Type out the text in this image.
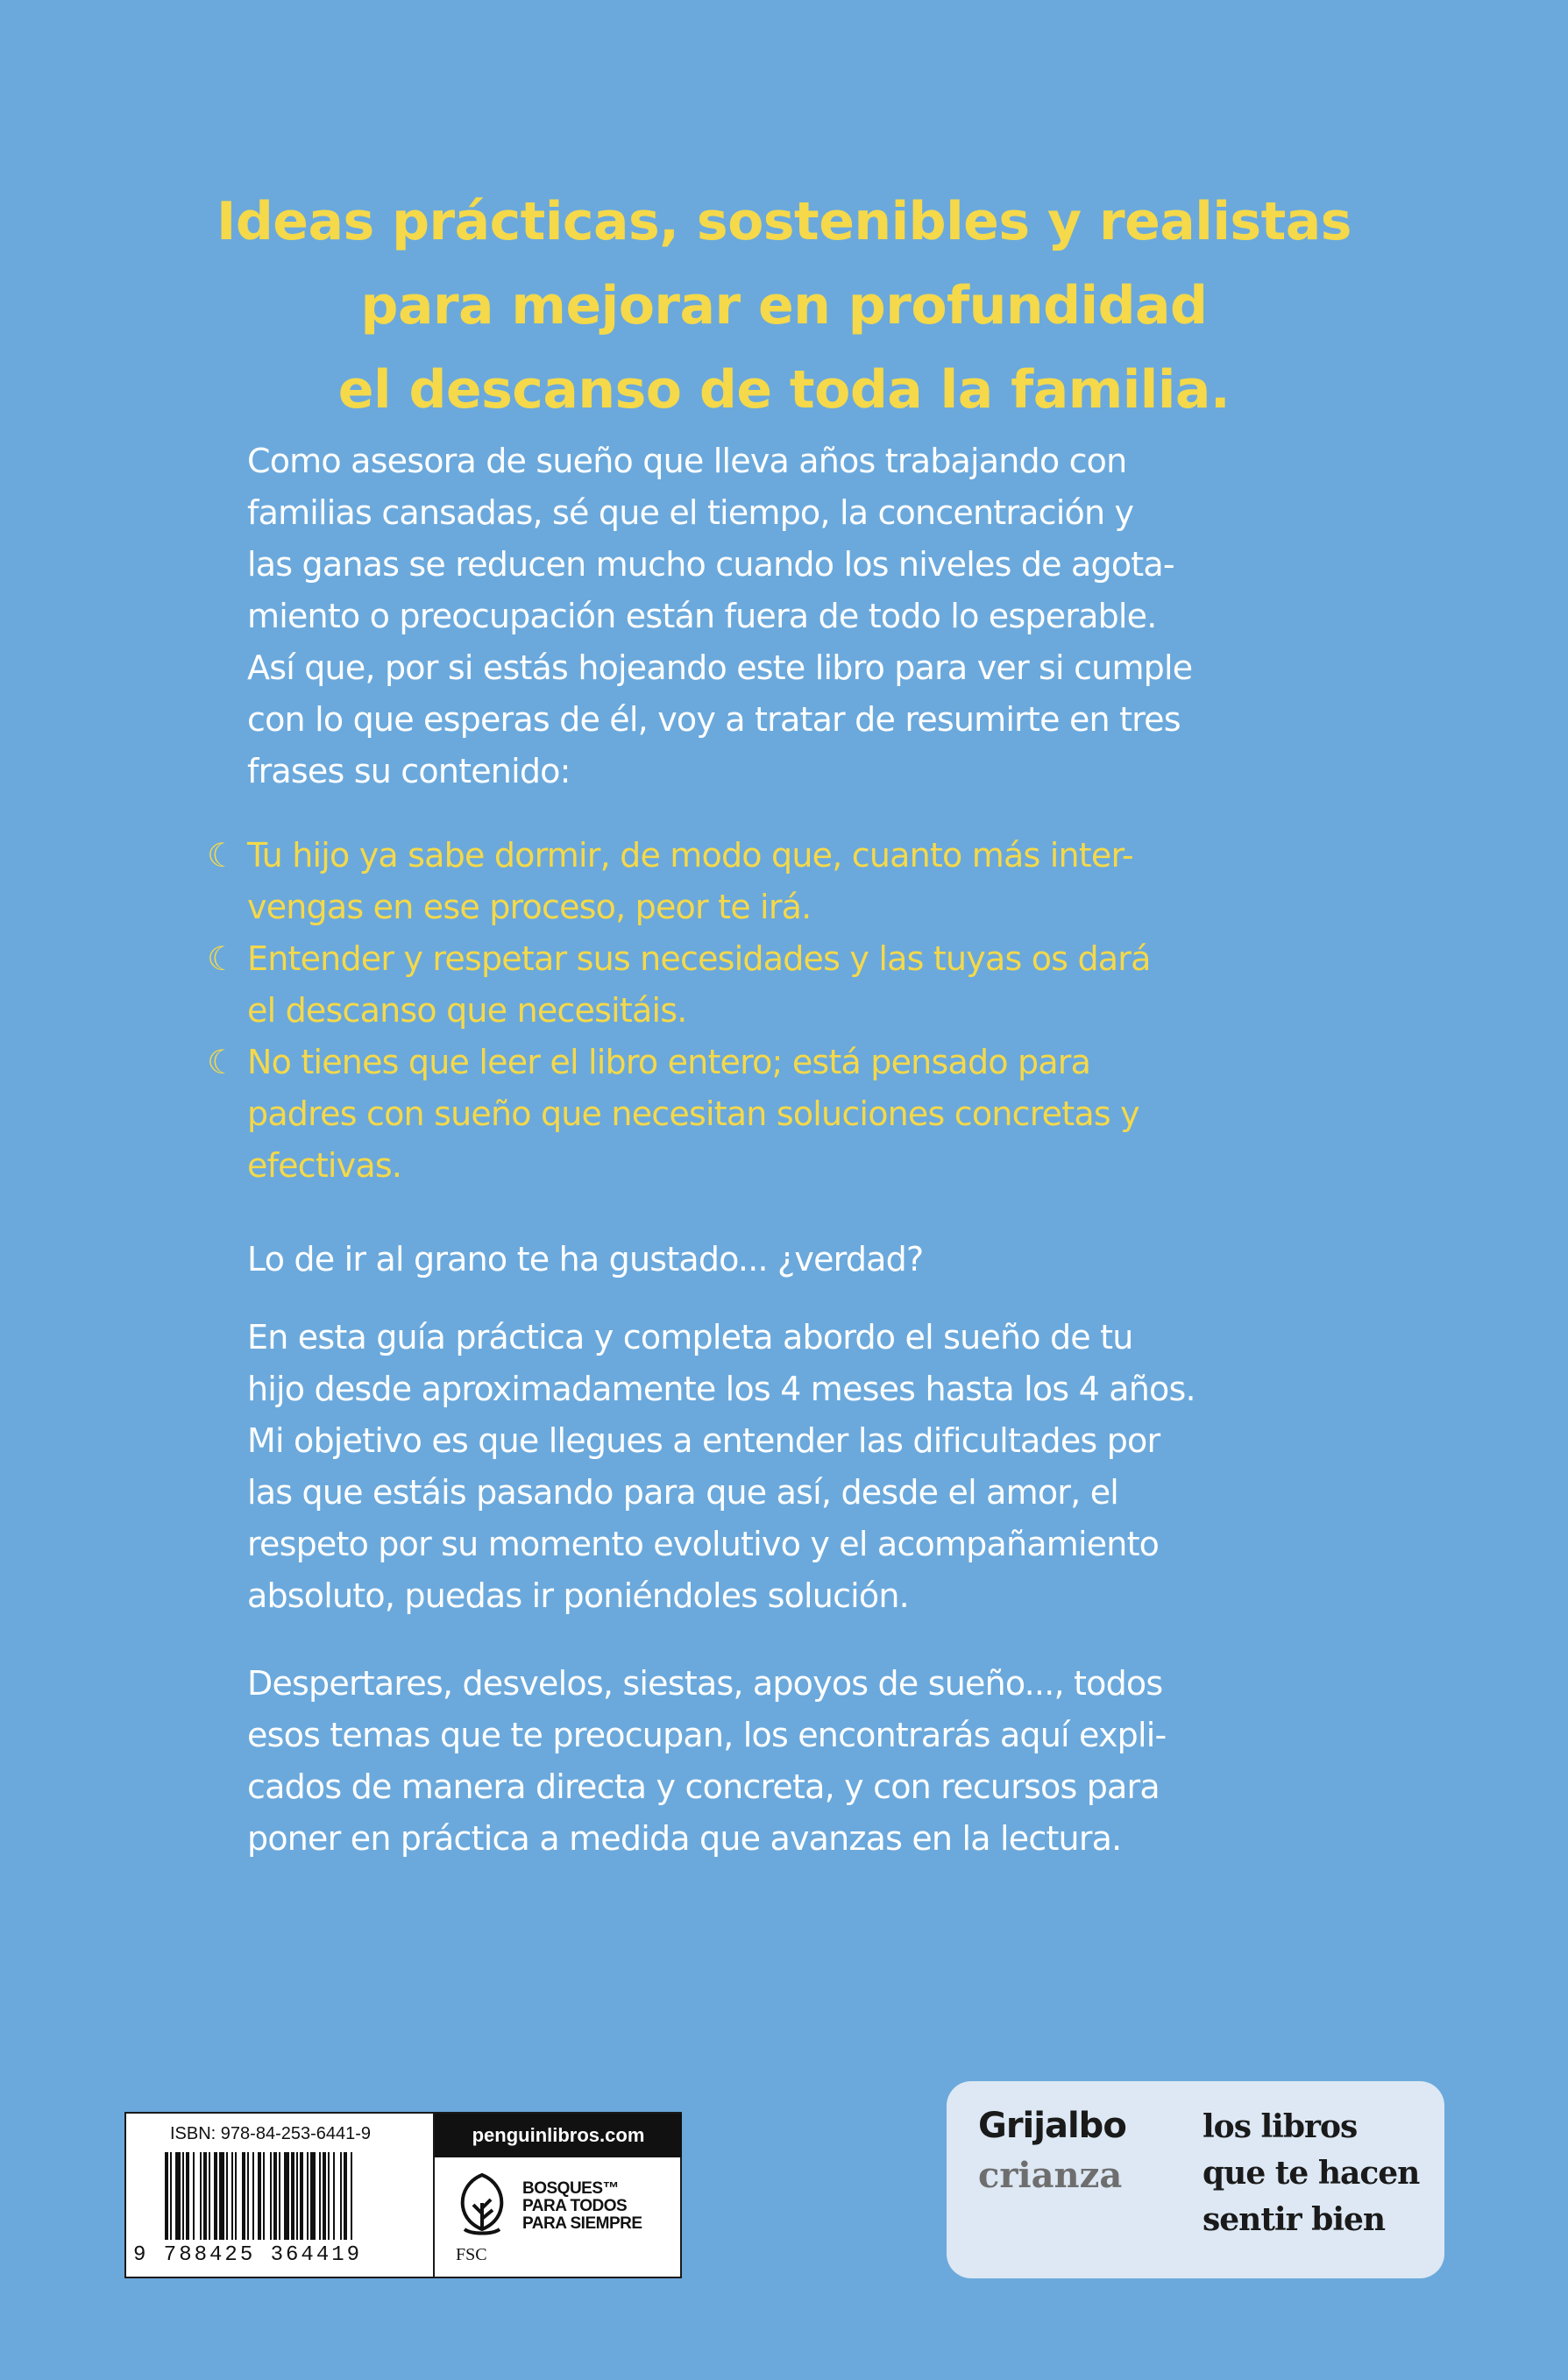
Ideas prácticas, sostenibles y realistas
para mejorar en profundidad
el descanso de toda la familia.
Como asesora de sueño que lleva años trabajando con
familias cansadas, sé que el tiempo, la concentración y
las ganas se reducen mucho cuando los niveles de agota-
miento o preocupación están fuera de todo lo esperable.
Así que, por si estás hojeando este libro para ver si cumple
con lo que esperas de él, voy a tratar de resumirte en tres
frases su contenido:
☾ Tu hijo ya sabe dormir, de modo que, cuanto más inter-
vengas en ese proceso, peor te irá.
☾ Entender y respetar sus necesidades y las tuyas os dará
el descanso que necesitáis.
☾ No tienes que leer el libro entero; está pensado para
padres con sueño que necesitan soluciones concretas y
efectivas.
Lo de ir al grano te ha gustado... ¿verdad?
En esta guía práctica y completa abordo el sueño de tu
hijo desde aproximadamente los 4 meses hasta los 4 años.
Mi objetivo es que llegues a entender las dificultades por
las que estáis pasando para que así, desde el amor, el
respeto por su momento evolutivo y el acompañamiento
absoluto, puedas ir poniéndoles solución.
Despertares, desvelos, siestas, apoyos de sueño..., todos
esos temas que te preocupan, los encontrarás aquí expli-
cados de manera directa y concreta, y con recursos para
poner en práctica a medida que avanzas en la lectura.
ISBN: 978-84-253-6441-9
9 788425 364419
penguinlibros.com
FSC
BOSQUES™
PARA TODOS
PARA SIEMPRE
Grijalbo
crianza
los libros
que te hacen
sentir bien
